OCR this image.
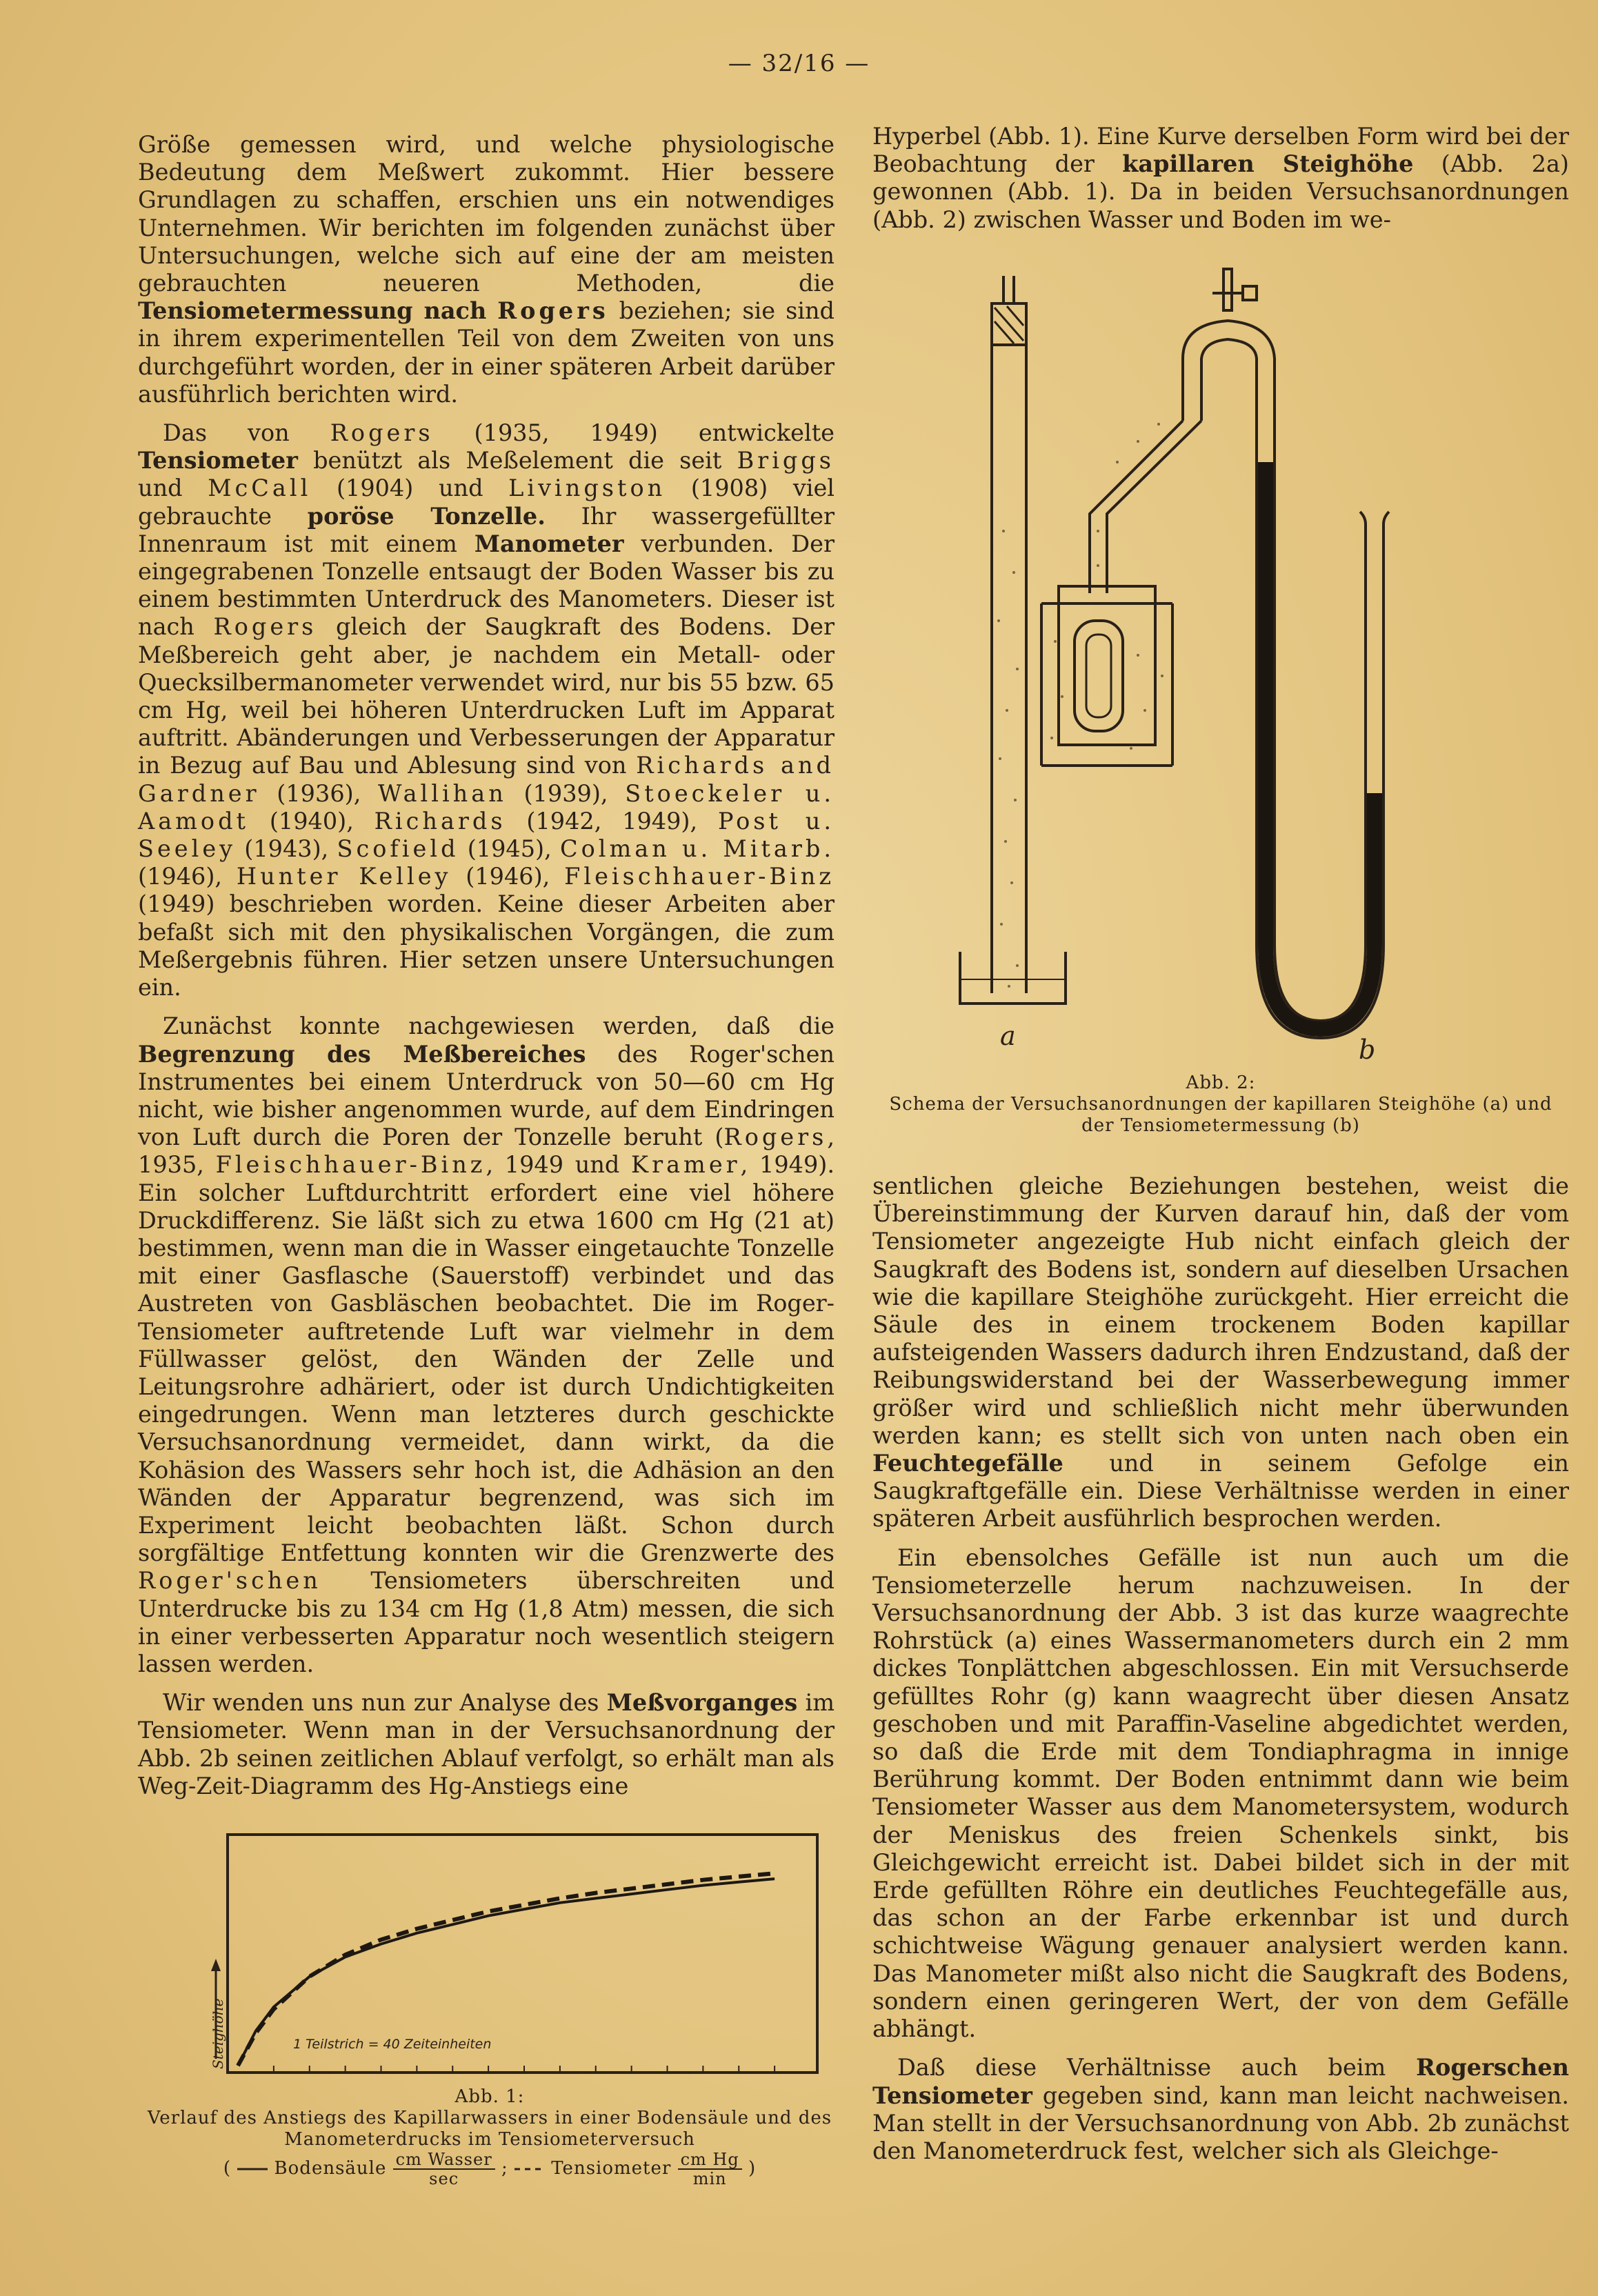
— 32/16 —

Größe gemessen wird, und welche physiologische Bedeutung dem Meßwert zukommt. Hier bessere Grundlagen zu schaffen, erschien uns ein notwendiges Unternehmen. Wir berichten im folgenden zunächst über Untersuchungen, welche sich auf eine der am meisten gebrauchten neueren Methoden, die Tensiometermessung nach Rogers beziehen; sie sind in ihrem experimentellen Teil von dem Zweiten von uns durchgeführt worden, der in einer späteren Arbeit darüber ausführlich berichten wird.

Das von Rogers (1935, 1949) entwickelte Tensiometer benützt als Meßelement die seit Briggs und McCall (1904) und Livingston (1908) viel gebrauchte poröse Tonzelle. Ihr wassergefüllter Innenraum ist mit einem Manometer verbunden. Der eingegrabenen Tonzelle entsaugt der Boden Wasser bis zu einem bestimmten Unterdruck des Manometers. Dieser ist nach Rogers gleich der Saugkraft des Bodens. Der Meßbereich geht aber, je nachdem ein Metall- oder Quecksilbermanometer verwendet wird, nur bis 55 bzw. 65 cm Hg, weil bei höheren Unterdrucken Luft im Apparat auftritt. Abänderungen und Verbesserungen der Apparatur in Bezug auf Bau und Ablesung sind von Richards and Gardner (1936), Wallihan (1939), Stoeckeler u. Aamodt (1940), Richards (1942, 1949), Post u. Seeley (1943), Scofield (1945), Colman u. Mitarb. (1946), Hunter Kelley (1946), Fleischhauer-Binz (1949) beschrieben worden. Keine dieser Arbeiten aber befaßt sich mit den physikalischen Vorgängen, die zum Meßergebnis führen. Hier setzen unsere Untersuchungen ein.

Zunächst konnte nachgewiesen werden, daß die Begrenzung des Meßbereiches des Roger'schen Instrumentes bei einem Unterdruck von 50—60 cm Hg nicht, wie bisher angenommen wurde, auf dem Eindringen von Luft durch die Poren der Tonzelle beruht (Rogers, 1935, Fleischhauer-Binz, 1949 und Kramer, 1949). Ein solcher Luftdurchtritt erfordert eine viel höhere Druckdifferenz. Sie läßt sich zu etwa 1600 cm Hg (21 at) bestimmen, wenn man die in Wasser eingetauchte Tonzelle mit einer Gasflasche (Sauerstoff) verbindet und das Austreten von Gasbläschen beobachtet. Die im Roger-Tensiometer auftretende Luft war vielmehr in dem Füllwasser gelöst, den Wänden der Zelle und Leitungsrohre adhäriert, oder ist durch Undichtigkeiten eingedrungen. Wenn man letzteres durch geschickte Versuchsanordnung vermeidet, dann wirkt, da die Kohäsion des Wassers sehr hoch ist, die Adhäsion an den Wänden der Apparatur begrenzend, was sich im Experiment leicht beobachten läßt. Schon durch sorgfältige Entfettung konnten wir die Grenzwerte des Roger'schen Tensiometers überschreiten und Unterdrucke bis zu 134 cm Hg (1,8 Atm) messen, die sich in einer verbesserten Apparatur noch wesentlich steigern lassen werden.

Wir wenden uns nun zur Analyse des Meßvorganges im Tensiometer. Wenn man in der Versuchsanordnung der Abb. 2b seinen zeitlichen Ablauf verfolgt, so erhält man als Weg-Zeit-Diagramm des Hg-Anstiegs eine

Hyperbel (Abb. 1). Eine Kurve derselben Form wird bei der Beobachtung der kapillaren Steighöhe (Abb. 2a) gewonnen (Abb. 1). Da in beiden Versuchsanordnungen (Abb. 2) zwischen Wasser und Boden im we-

a	b
Abb. 2:
Schema der Versuchsanordnungen der kapillaren Steighöhe (a) und der Tensiometermessung (b)

sentlichen gleiche Beziehungen bestehen, weist die Übereinstimmung der Kurven darauf hin, daß der vom Tensiometer angezeigte Hub nicht einfach gleich der Saugkraft des Bodens ist, sondern auf dieselben Ursachen wie die kapillare Steighöhe zurückgeht. Hier erreicht die Säule des in einem trockenem Boden kapillar aufsteigenden Wassers dadurch ihren Endzustand, daß der Reibungswiderstand bei der Wasserbewegung immer größer wird und schließlich nicht mehr überwunden werden kann; es stellt sich von unten nach oben ein Feuchtegefälle und in seinem Gefolge ein Saugkraftgefälle ein. Diese Verhältnisse werden in einer späteren Arbeit ausführlich besprochen werden.

Ein ebensolches Gefälle ist nun auch um die Tensiometerzelle herum nachzuweisen. In der Versuchsanordnung der Abb. 3 ist das kurze waagrechte Rohrstück (a) eines Wassermanometers durch ein 2 mm dickes Tonplättchen abgeschlossen. Ein mit Versuchserde gefülltes Rohr (g) kann waagrecht über diesen Ansatz geschoben und mit Paraffin-Vaseline abgedichtet werden, so daß die Erde mit dem Tondiaphragma in innige Berührung kommt. Der Boden entnimmt dann wie beim Tensiometer Wasser aus dem Manometersystem, wodurch der Meniskus des freien Schenkels sinkt, bis Gleichgewicht erreicht ist. Dabei bildet sich in der mit Erde gefüllten Röhre ein deutliches Feuchtegefälle aus, das schon an der Farbe erkennbar ist und durch schichtweise Wägung genauer analysiert werden kann. Das Manometer mißt also nicht die Saugkraft des Bodens, sondern einen geringeren Wert, der von dem Gefälle abhängt.

Daß diese Verhältnisse auch beim Rogerschen Tensiometer gegeben sind, kann man leicht nachweisen. Man stellt in der Versuchsanordnung von Abb. 2b zunächst den Manometerdruck fest, welcher sich als Gleichge-

Steighöhe	1 Teilstrich = 40 Zeiteinheiten
Abb. 1:
Verlauf des Anstiegs des Kapillarwassers in einer Bodensäule und des Manometerdrucks im Tensiometerversuch
( Bodensäule $\frac{\text{cm Wasser}}{\sec}$ ; Tensiometer $\frac{\text{cm Hg}}{\min}$ )
